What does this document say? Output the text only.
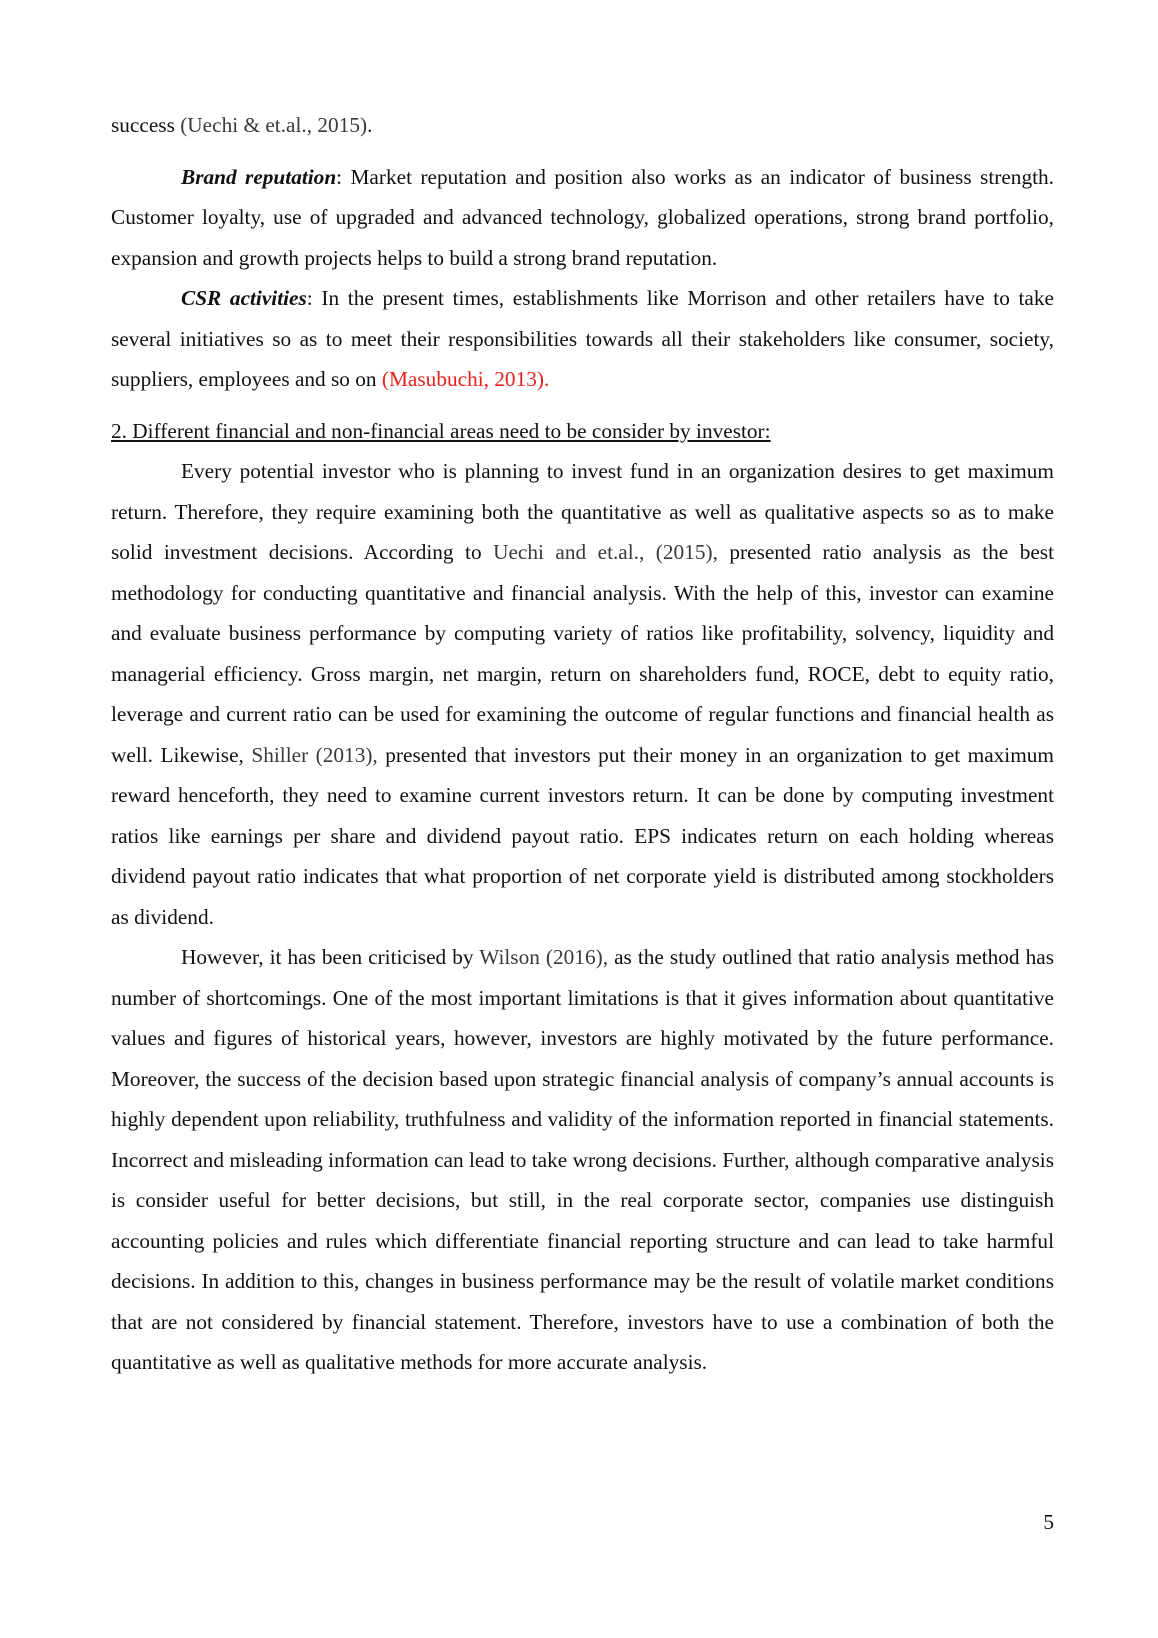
success (Uechi & et.al., 2015).

Brand reputation: Market reputation and position also works as an indicator of business strength. Customer loyalty, use of upgraded and advanced technology, globalized operations, strong brand portfolio, expansion and growth projects helps to build a strong brand reputation.

CSR activities: In the present times, establishments like Morrison and other retailers have to take several initiatives so as to meet their responsibilities towards all their stakeholders like consumer, society, suppliers, employees and so on (Masubuchi, 2013).

2. Different financial and non-financial areas need to be consider by investor:

Every potential investor who is planning to invest fund in an organization desires to get maximum return. Therefore, they require examining both the quantitative as well as qualitative aspects so as to make solid investment decisions. According to Uechi and et.al., (2015), presented ratio analysis as the best methodology for conducting quantitative and financial analysis. With the help of this, investor can examine and evaluate business performance by computing variety of ratios like profitability, solvency, liquidity and managerial efficiency. Gross margin, net margin, return on shareholders fund, ROCE, debt to equity ratio, leverage and current ratio can be used for examining the outcome of regular functions and financial health as well. Likewise, Shiller (2013), presented that investors put their money in an organization to get maximum reward henceforth, they need to examine current investors return. It can be done by computing investment ratios like earnings per share and dividend payout ratio. EPS indicates return on each holding whereas dividend payout ratio indicates that what proportion of net corporate yield is distributed among stockholders as dividend.

However, it has been criticised by Wilson (2016), as the study outlined that ratio analysis method has number of shortcomings. One of the most important limitations is that it gives information about quantitative values and figures of historical years, however, investors are highly motivated by the future performance. Moreover, the success of the decision based upon strategic financial analysis of company’s annual accounts is highly dependent upon reliability, truthfulness and validity of the information reported in financial statements. Incorrect and misleading information can lead to take wrong decisions. Further, although comparative analysis is consider useful for better decisions, but still, in the real corporate sector, companies use distinguish accounting policies and rules which differentiate financial reporting structure and can lead to take harmful decisions. In addition to this, changes in business performance may be the result of volatile market conditions that are not considered by financial statement. Therefore, investors have to use a combination of both the quantitative as well as qualitative methods for more accurate analysis.

5
